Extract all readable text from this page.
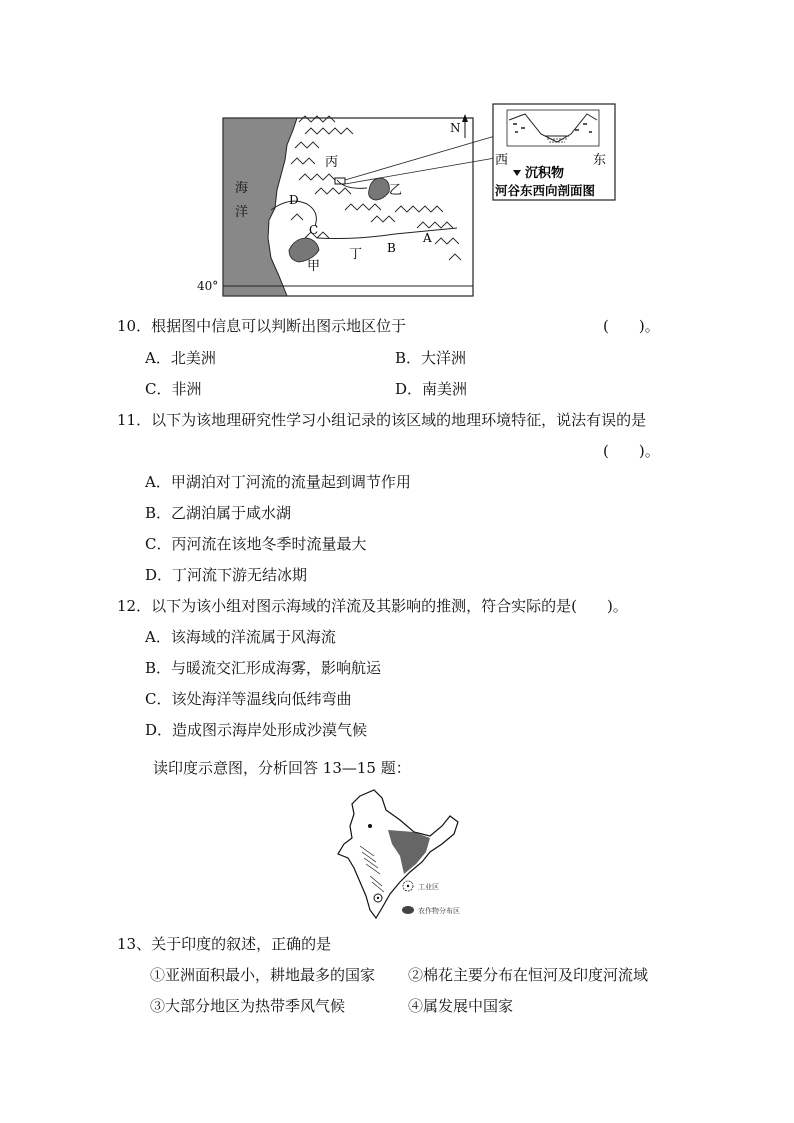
海
洋
40°
N
丙
乙
甲
丁
A
B
C
D
西	东
沉积物
河谷东西向剖面图
10．根据图中信息可以判断出图示地区位于	(　　)。
A．北美洲	B．大洋洲
C．非洲	D．南美洲
11．以下为该地理研究性学习小组记录的该区域的地理环境特征，说法有误的是
(　　)。
A．甲湖泊对丁河流的流量起到调节作用
B．乙湖泊属于咸水湖
C．丙河流在该地冬季时流量最大
D．丁河流下游无结冰期
12．以下为该小组对图示海域的洋流及其影响的推测，符合实际的是(　　)。
A．该海域的洋流属于风海流
B．与暖流交汇形成海雾，影响航运
C．该处海洋等温线向低纬弯曲
D．造成图示海岸处形成沙漠气候
读印度示意图，分析回答 13—15 题：
工业区
农作物分布区
13、关于印度的叙述，正确的是
①亚洲面积最小，耕地最多的国家 ②棉花主要分布在恒河及印度河流域
③大部分地区为热带季风气候	④属发展中国家
